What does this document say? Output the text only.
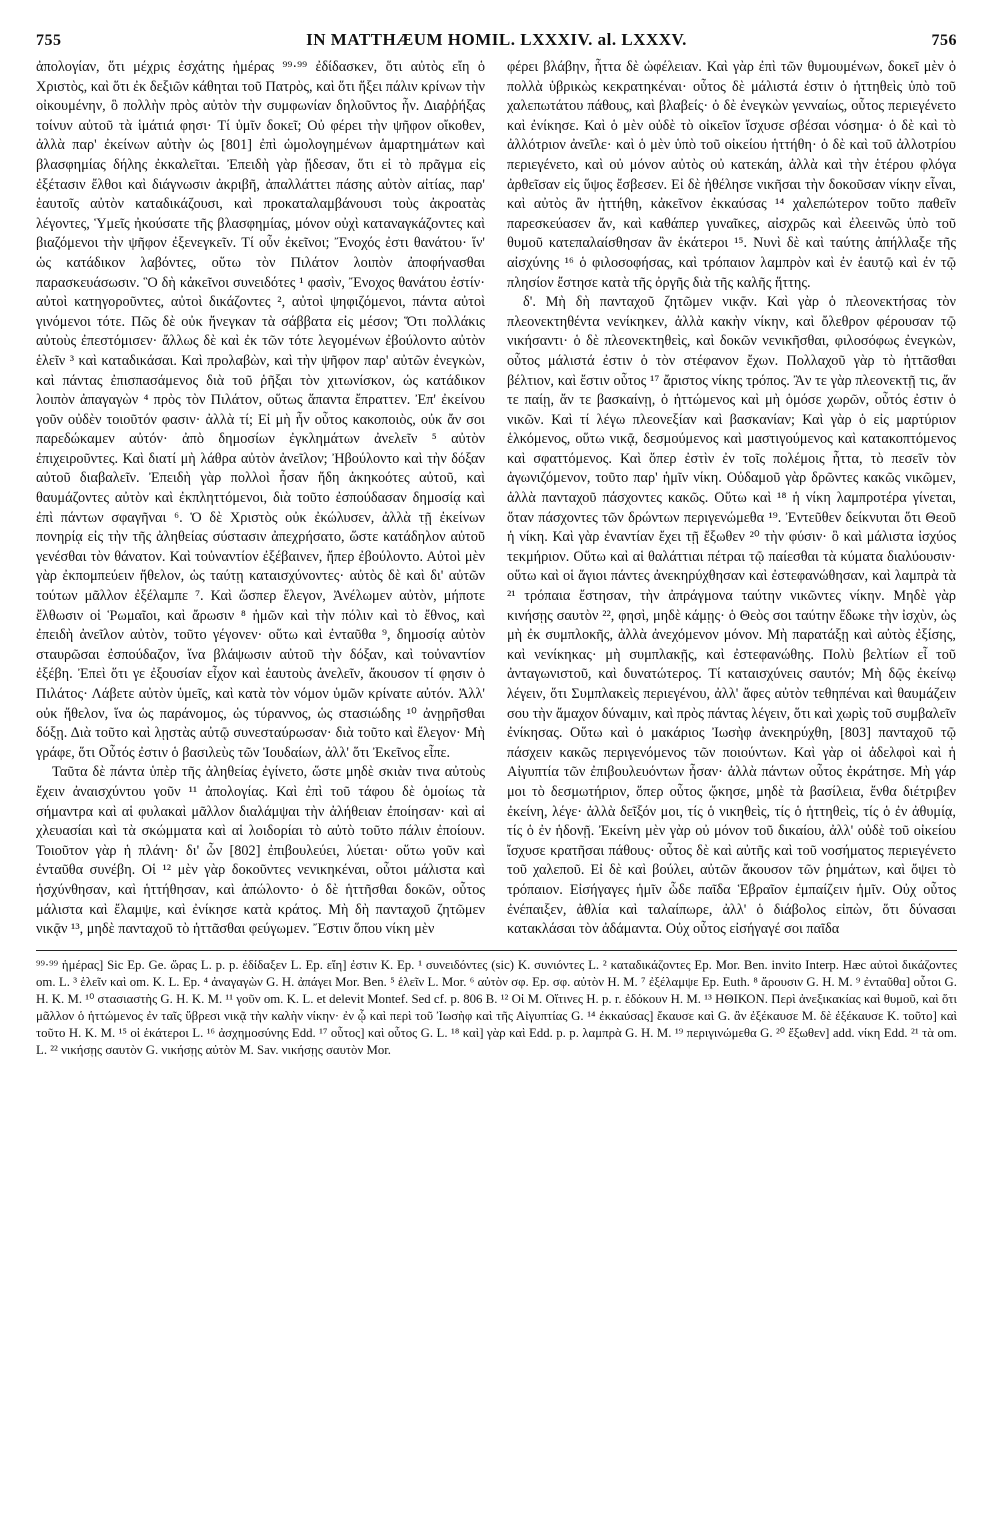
755	IN MATTHÆUM HOMIL. LXXXIV. al. LXXXV.	756

ἀπολογίαν, ὅτι μέχρις ἐσχάτης ἡμέρας ⁹⁹·⁹⁹ ἐδίδασκεν, ὅτι αὐτὸς εἴη ὁ Χριστὸς, καὶ ὅτι ἐκ δεξιῶν κάθηται τοῦ Πατρὸς, καὶ ὅτι ἥξει πάλιν κρίνων τὴν οἰκουμένην, ὃ πολλὴν πρὸς αὐτὸν τὴν συμφωνίαν δηλοῦντος ἦν. Διαῤῥήξας τοίνυν αὐτοῦ τὰ ἱμάτιά φησι· Τί ὑμῖν δοκεῖ; Οὐ φέρει τὴν ψῆφον οἴκοθεν, ἀλλὰ παρ' ἐκείνων αὐτὴν ὡς [801] ἐπὶ ὡμολογημένων ἁμαρτημάτων καὶ βλασφημίας δήλης ἐκκαλεῖται. Ἐπειδὴ γὰρ ᾔδεσαν, ὅτι εἰ τὸ πρᾶγμα εἰς ἐξέτασιν ἔλθοι καὶ διάγνωσιν ἀκριβῆ, ἀπαλλάττει πάσης αὐτὸν αἰτίας, παρ' ἑαυτοῖς αὐτὸν καταδικάζουσι, καὶ προκαταλαμβάνουσι τοὺς ἀκροατὰς λέγοντες, Ὑμεῖς ἠκούσατε τῆς βλασφημίας, μόνον οὐχὶ καταναγκάζοντες καὶ βιαζόμενοι τὴν ψῆφον ἐξενεγκεῖν. Τί οὖν ἐκεῖνοι; Ἔνοχός ἐστι θανάτου· ἵν' ὡς κατάδικον λαβόντες, οὕτω τὸν Πιλάτον λοιπὸν ἀποφήνασθαι παρασκευάσωσιν. Ὃ δὴ κἀκεῖνοι συνειδότες ¹ φασὶν, Ἔνοχος θανάτου ἐστίν· αὐτοὶ κατηγοροῦντες, αὐτοὶ δικάζοντες ², αὐτοὶ ψηφιζόμενοι, πάντα αὐτοὶ γινόμενοι τότε. Πῶς δὲ οὐκ ἤνεγκαν τὰ σάββατα εἰς μέσον; Ὅτι πολλάκις αὐτοὺς ἐπεστόμισεν· ἄλλως δὲ καὶ ἐκ τῶν τότε λεγομένων ἐβούλοντο αὐτὸν ἑλεῖν ³ καὶ καταδικάσαι. Καὶ προλαβὼν, καὶ τὴν ψῆφον παρ' αὐτῶν ἐνεγκὼν, καὶ πάντας ἐπισπασάμενος διὰ τοῦ ῥῆξαι τὸν χιτωνίσκον, ὡς κατάδικον λοιπὸν ἀπαγαγὼν ⁴ πρὸς τὸν Πιλάτον, οὕτως ἅπαντα ἔπραττεν. Ἐπ' ἐκείνου γοῦν οὐδὲν τοιοῦτόν φασιν· ἀλλὰ τί; Εἰ μὴ ἦν οὗτος κακοποιὸς, οὐκ ἄν σοι παρεδώκαμεν αὐτόν· ἀπὸ δημοσίων ἐγκλημάτων ἀνελεῖν ⁵ αὐτὸν ἐπιχειροῦντες. Καὶ διατί μὴ λάθρα αὐτὸν ἀνεῖλον; Ἠβούλοντο καὶ τὴν δόξαν αὐτοῦ διαβαλεῖν. Ἐπειδὴ γὰρ πολλοὶ ἦσαν ἤδη ἀκηκοότες αὐτοῦ, καὶ θαυμάζοντες αὐτὸν καὶ ἐκπληττόμενοι, διὰ τοῦτο ἐσπούδασαν δημοσίᾳ καὶ ἐπὶ πάντων σφαγῆναι ⁶. Ὁ δὲ Χριστὸς οὐκ ἐκώλυσεν, ἀλλὰ τῇ ἐκείνων πονηρίᾳ εἰς τὴν τῆς ἀληθείας σύστασιν ἀπεχρήσατο, ὥστε κατάδηλον αὐτοῦ γενέσθαι τὸν θάνατον. Καὶ τοὐναντίον ἐξέβαινεν, ἤπερ ἐβούλοντο. Αὐτοὶ μὲν γὰρ ἐκπομπεύειν ἤθελον, ὡς ταύτῃ καταισχύνοντες· αὐτὸς δὲ καὶ δι' αὐτῶν τούτων μᾶλλον ἐξέλαμπε ⁷. Καὶ ὥσπερ ἔλεγον, Ἀνέλωμεν αὐτὸν, μήποτε ἔλθωσιν οἱ Ῥωμαῖοι, καὶ ἄρωσιν ⁸ ἡμῶν καὶ τὴν πόλιν καὶ τὸ ἔθνος, καὶ ἐπειδὴ ἀνεῖλον αὐτὸν, τοῦτο γέγονεν· οὕτω καὶ ἐνταῦθα ⁹, δημοσίᾳ αὐτὸν σταυρῶσαι ἐσπούδαζον, ἵνα βλάψωσιν αὐτοῦ τὴν δόξαν, καὶ τοὐναντίον ἐξέβη. Ἐπεὶ ὅτι γε ἐξουσίαν εἶχον καὶ ἑαυτοὺς ἀνελεῖν, ἄκουσον τί φησιν ὁ Πιλάτος· Λάβετε αὐτὸν ὑμεῖς, καὶ κατὰ τὸν νόμον ὑμῶν κρίνατε αὐτόν. Ἀλλ' οὐκ ἤθελον, ἵνα ὡς παράνομος, ὡς τύραννος, ὡς στασιώδης ¹⁰ ἀνῃρῆσθαι δόξῃ. Διὰ τοῦτο καὶ λῃστὰς αὐτῷ συνεσταύρωσαν· διὰ τοῦτο καὶ ἔλεγον· Μὴ γράφε, ὅτι Οὗτός ἐστιν ὁ βασιλεὺς τῶν Ἰουδαίων, ἀλλ' ὅτι Ἐκεῖνος εἶπε.

Ταῦτα δὲ πάντα ὑπὲρ τῆς ἀληθείας ἐγίνετο, ὥστε μηδὲ σκιὰν τινα αὐτοὺς ἔχειν ἀναισχύντου γοῦν ¹¹ ἀπολογίας. Καὶ ἐπὶ τοῦ τάφου δὲ ὁμοίως τὰ σήμαντρα καὶ αἱ φυλακαὶ μᾶλλον διαλάμψαι τὴν ἀλήθειαν ἐποίησαν· καὶ αἱ χλευασίαι καὶ τὰ σκώμματα καὶ αἱ λοιδορίαι τὸ αὐτὸ τοῦτο πάλιν ἐποίουν. Τοιοῦτον γὰρ ἡ πλάνη· δι' ὧν [802] ἐπιβουλεύει, λύεται· οὕτω γοῦν καὶ ἐνταῦθα συνέβη. Οἱ ¹² μὲν γὰρ δοκοῦντες νενικηκέναι, οὗτοι μάλιστα καὶ ἡσχύνθησαν, καὶ ἡττήθησαν, καὶ ἀπώλοντο· ὁ δὲ ἡττῆσθαι δοκῶν, οὗτος μάλιστα καὶ ἔλαμψε, καὶ ἐνίκησε κατὰ κράτος. Μὴ δὴ πανταχοῦ ζητῶμεν νικᾷν ¹³, μηδὲ πανταχοῦ τὸ ἡττᾶσθαι φεύγωμεν. Ἔστιν ὅπου νίκη μὲν

φέρει βλάβην, ἧττα δὲ ὠφέλειαν. Καὶ γὰρ ἐπὶ τῶν θυμουμένων, δοκεῖ μὲν ὁ πολλὰ ὑβρικὼς κεκρατηκέναι· οὗτος δὲ μάλιστά ἐστιν ὁ ἡττηθεὶς ὑπὸ τοῦ χαλεπωτάτου πάθους, καὶ βλαβείς· ὁ δὲ ἐνεγκὼν γενναίως, οὗτος περιεγένετο καὶ ἐνίκησε. Καὶ ὁ μὲν οὐδὲ τὸ οἰκεῖον ἴσχυσε σβέσαι νόσημα· ὁ δὲ καὶ τὸ ἀλλότριον ἀνεῖλε· καὶ ὁ μὲν ὑπὸ τοῦ οἰκείου ἡττήθη· ὁ δὲ καὶ τοῦ ἀλλοτρίου περιεγένετο, καὶ οὐ μόνον αὐτὸς οὐ κατεκάη, ἀλλὰ καὶ τὴν ἑτέρου φλόγα ἀρθεῖσαν εἰς ὕψος ἔσβεσεν. Εἰ δὲ ἠθέλησε νικῆσαι τὴν δοκοῦσαν νίκην εἶναι, καὶ αὐτὸς ἂν ἡττήθη, κἀκεῖνον ἐκκαύσας ¹⁴ χαλεπώτερον τοῦτο παθεῖν παρεσκεύασεν ἄν, καὶ καθάπερ γυναῖκες, αἰσχρῶς καὶ ἐλεεινῶς ὑπὸ τοῦ θυμοῦ κατεπαλαίσθησαν ἂν ἑκάτεροι ¹⁵. Νυνὶ δὲ καὶ ταύτης ἀπήλλαξε τῆς αἰσχύνης ¹⁶ ὁ φιλοσοφήσας, καὶ τρόπαιον λαμπρὸν καὶ ἐν ἑαυτῷ καὶ ἐν τῷ πλησίον ἔστησε κατὰ τῆς ὀργῆς διὰ τῆς καλῆς ἥττης.

δ'. Μὴ δὴ πανταχοῦ ζητῶμεν νικᾷν. Καὶ γὰρ ὁ πλεονεκτήσας τὸν πλεονεκτηθέντα νενίκηκεν, ἀλλὰ κακὴν νίκην, καὶ ὄλεθρον φέρουσαν τῷ νικήσαντι· ὁ δὲ πλεονεκτηθεὶς, καὶ δοκῶν νενικῆσθαι, φιλοσόφως ἐνεγκὼν, οὗτος μάλιστά ἐστιν ὁ τὸν στέφανον ἔχων. Πολλαχοῦ γὰρ τὸ ἡττᾶσθαι βέλτιον, καὶ ἔστιν οὗτος ¹⁷ ἄριστος νίκης τρόπος. Ἂν τε γὰρ πλεονεκτῇ τις, ἄν τε παίῃ, ἄν τε βασκαίνῃ, ὁ ἡττώμενος καὶ μὴ ὁμόσε χωρῶν, οὗτός ἐστιν ὁ νικῶν. Καὶ τί λέγω πλεονεξίαν καὶ βασκανίαν; Καὶ γὰρ ὁ εἰς μαρτύριον ἑλκόμενος, οὕτω νικᾷ, δεσμούμενος καὶ μαστιγούμενος καὶ κατακοπτόμενος καὶ σφαττόμενος. Καὶ ὅπερ ἐστὶν ἐν τοῖς πολέμοις ἧττα, τὸ πεσεῖν τὸν ἀγωνιζόμενον, τοῦτο παρ' ἡμῖν νίκη. Οὐδαμοῦ γὰρ δρῶντες κακῶς νικῶμεν, ἀλλὰ πανταχοῦ πάσχοντες κακῶς. Οὕτω καὶ ¹⁸ ἡ νίκη λαμπροτέρα γίνεται, ὅταν πάσχοντες τῶν δρώντων περιγενώμεθα ¹⁹. Ἐντεῦθεν δείκνυται ὅτι Θεοῦ ἡ νίκη. Καὶ γὰρ ἐναντίαν ἔχει τῇ ἔξωθεν ²⁰ τὴν φύσιν· ὃ καὶ μάλιστα ἰσχύος τεκμήριον. Οὕτω καὶ αἱ θαλάττιαι πέτραι τῷ παίεσθαι τὰ κύματα διαλύουσιν· οὕτω καὶ οἱ ἅγιοι πάντες ἀνεκηρύχθησαν καὶ ἐστεφανώθησαν, καὶ λαμπρὰ τὰ ²¹ τρόπαια ἔστησαν, τὴν ἀπράγμονα ταύτην νικῶντες νίκην. Μηδὲ γὰρ κινήσῃς σαυτὸν ²², φησὶ, μηδὲ κάμῃς· ὁ Θεὸς σοι ταύτην ἔδωκε τὴν ἰσχὺν, ὡς μὴ ἐκ συμπλοκῆς, ἀλλὰ ἀνεχόμενον μόνον. Μὴ παρατάξῃ καὶ αὐτὸς ἐξίσης, καὶ νενίκηκας· μὴ συμπλακῇς, καὶ ἐστεφανώθης. Πολὺ βελτίων εἶ τοῦ ἀνταγωνιστοῦ, καὶ δυνατώτερος. Τί καταισχύνεις σαυτόν; Μὴ δῷς ἐκείνῳ λέγειν, ὅτι Συμπλακεὶς περιεγένου, ἀλλ' ἄφες αὐτὸν τεθηπέναι καὶ θαυμάζειν σου τὴν ἄμαχον δύναμιν, καὶ πρὸς πάντας λέγειν, ὅτι καὶ χωρὶς τοῦ συμβαλεῖν ἐνίκησας. Οὕτω καὶ ὁ μακάριος Ἰωσὴφ ἀνεκηρύχθη, [803] πανταχοῦ τῷ πάσχειν κακῶς περιγενόμενος τῶν ποιούντων. Καὶ γὰρ οἱ ἀδελφοὶ καὶ ἡ Αἰγυπτία τῶν ἐπιβουλευόντων ἦσαν· ἀλλὰ πάντων οὗτος ἐκράτησε. Μὴ γάρ μοι τὸ δεσμωτήριον, ὅπερ οὗτος ᾤκησε, μηδὲ τὰ βασίλεια, ἔνθα διέτριβεν ἐκείνη, λέγε· ἀλλὰ δεῖξόν μοι, τίς ὁ νικηθεὶς, τίς ὁ ἡττηθεὶς, τίς ὁ ἐν ἀθυμίᾳ, τίς ὁ ἐν ἡδονῇ. Ἐκείνη μὲν γὰρ οὐ μόνον τοῦ δικαίου, ἀλλ' οὐδὲ τοῦ οἰκείου ἴσχυσε κρατῆσαι πάθους· οὗτος δὲ καὶ αὐτῆς καὶ τοῦ νοσήματος περιεγένετο τοῦ χαλεποῦ. Εἰ δὲ καὶ βούλει, αὐτῶν ἄκουσον τῶν ῥημάτων, καὶ ὄψει τὸ τρόπαιον. Εἰσήγαγες ἡμῖν ὧδε παῖδα Ἑβραῖον ἐμπαίζειν ἡμῖν. Οὐχ οὗτος ἐνέπαιξεν, ἀθλία καὶ ταλαίπωρε, ἀλλ' ὁ διάβολος εἰπὼν, ὅτι δύνασαι κατακλάσαι τὸν ἀδάμαντα. Οὐχ οὗτος εἰσήγαγέ σοι παῖδα

⁹⁹·⁹⁹ ἡμέρας] Sic Ep. Ge. ὥρας L. p. p. ἐδίδαξεν L. Ep. εἴη] ἐστιν K. Ep. ¹ συνειδόντες (sic) K. συνιόντες L. ² καταδικάζοντες Ep. Mor. Ben. invito Interp. Hæc αὐτοὶ δικάζοντες om. L. ³ ἑλεῖν καὶ om. K. L. Ep. ⁴ ἀναγαγὼν G. H. ἀπάγει Mor. Ben. ⁵ ἑλεῖν L. Mor. ⁶ αὐτὸν σφ. Ep. σφ. αὐτὸν H. M. ⁷ ἐξέλαμψε Ep. Euth. ⁸ ἄρουσιν G. H. M. ⁹ ἐνταῦθα] οὗτοι G. H. K. M. ¹⁰ στασιαστὴς G. H. K. M. ¹¹ γοῦν om. K. L. et delevit Montef. Sed cf. p. 806 B. ¹² Οἱ M. Οἵτινες H. p. r. ἐδόκουν H. M. ¹³ ΗΘΙΚΟΝ. Περὶ ἀνεξικακίας καὶ θυμοῦ, καὶ ὅτι μᾶλλον ὁ ἡττώμενος ἐν ταῖς ὕβρεσι νικᾷ τὴν καλὴν νίκην· ἐν ᾧ καὶ περὶ τοῦ Ἰωσὴφ καὶ τῆς Αἰγυπτίας G. ¹⁴ ἐκκαύσας] ἔκαυσε καὶ G. ἂν ἐξέκαυσε M. δὲ ἐξέκαυσε K. τοῦτο] καὶ τοῦτο H. K. M. ¹⁵ οἱ ἑκάτεροι L. ¹⁶ ἀσχημοσύνης Edd. ¹⁷ οὗτος] καὶ οὗτος G. L. ¹⁸ καὶ] γὰρ καὶ Edd. p. p. λαμπρὰ G. H. M. ¹⁹ περιγινώμεθα G. ²⁰ ἔξωθεν] add. νίκη Edd. ²¹ τὰ om. L. ²² νικήσῃς σαυτὸν G. νικήσῃς αὐτὸν M. Sav. νικήσῃς σαυτὸν Mor.
